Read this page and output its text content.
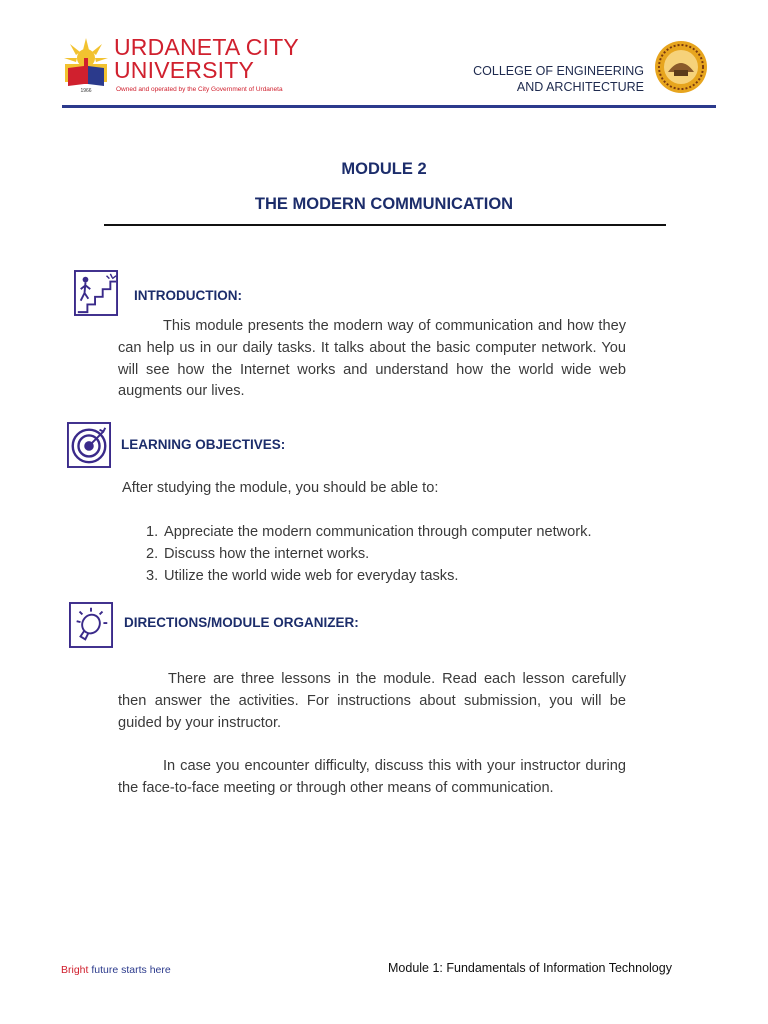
1966
URDANETA CITY
UNIVERSITY
Owned and operated by the City Government of Urdaneta
COLLEGE OF ENGINEERING
AND ARCHITECTURE
MODULE 2
THE MODERN COMMUNICATION
INTRODUCTION:
This module presents the modern way of communication and how they can help us in our daily tasks. It talks about the basic computer network. You will see how the Internet works and understand how the world wide web augments our lives.
LEARNING OBJECTIVES:
After studying the module, you should be able to:
1. Appreciate the modern communication through computer network.
2. Discuss how the internet works.
3. Utilize the world wide web for everyday tasks.
DIRECTIONS/MODULE ORGANIZER:
There are three lessons in the module. Read each lesson carefully then answer the activities. For instructions about submission, you will be guided by your instructor.
In case you encounter difficulty, discuss this with your instructor during the face-to-face meeting or through other means of communication.
Bright future starts here	Module 1: Fundamentals of Information Technology
